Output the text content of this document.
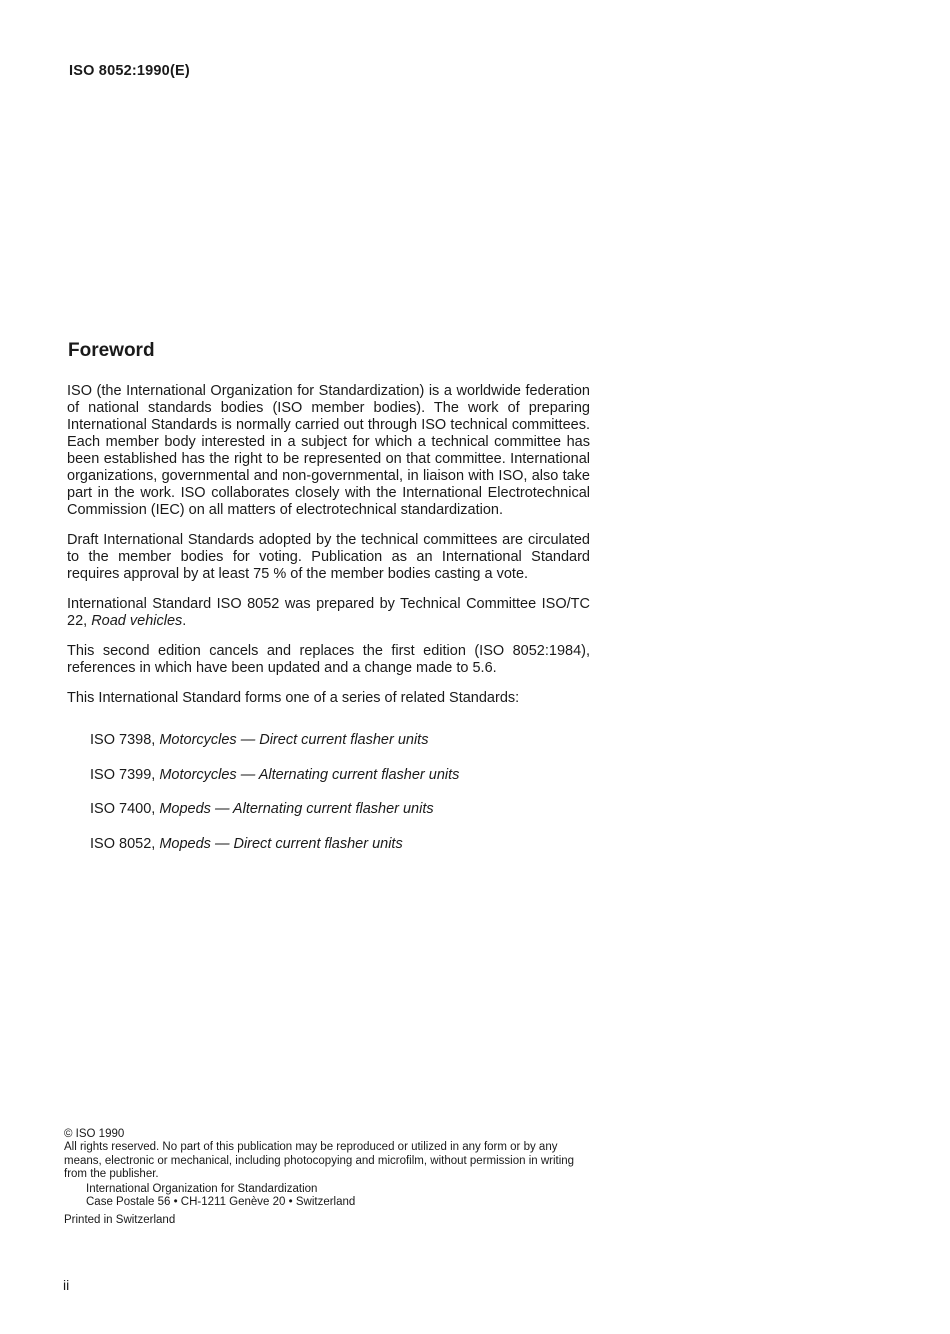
ISO 8052:1990(E)
Foreword

ISO (the International Organization for Standardization) is a worldwide federation of national standards bodies (ISO member bodies). The work of preparing International Standards is normally carried out through ISO technical committees. Each member body interested in a subject for which a technical committee has been established has the right to be represented on that committee. International organizations, governmental and non-governmental, in liaison with ISO, also take part in the work. ISO collaborates closely with the International Electrotechnical Commission (IEC) on all matters of electrotechnical standardization.

Draft International Standards adopted by the technical committees are circulated to the member bodies for voting. Publication as an International Standard requires approval by at least 75 % of the member bodies casting a vote.

International Standard ISO 8052 was prepared by Technical Committee ISO/TC 22, Road vehicles.

This second edition cancels and replaces the first edition (ISO 8052:1984), references in which have been updated and a change made to 5.6.

This International Standard forms one of a series of related Standards:

ISO 7398, Motorcycles — Direct current flasher units
ISO 7399, Motorcycles — Alternating current flasher units
ISO 7400, Mopeds — Alternating current flasher units
ISO 8052, Mopeds — Direct current flasher units
© ISO 1990
All rights reserved. No part of this publication may be reproduced or utilized in any form or by any means, electronic or mechanical, including photocopying and microfilm, without permission in writing from the publisher.
International Organization for Standardization
Case Postale 56 • CH-1211 Genève 20 • Switzerland
Printed in Switzerland
ii
